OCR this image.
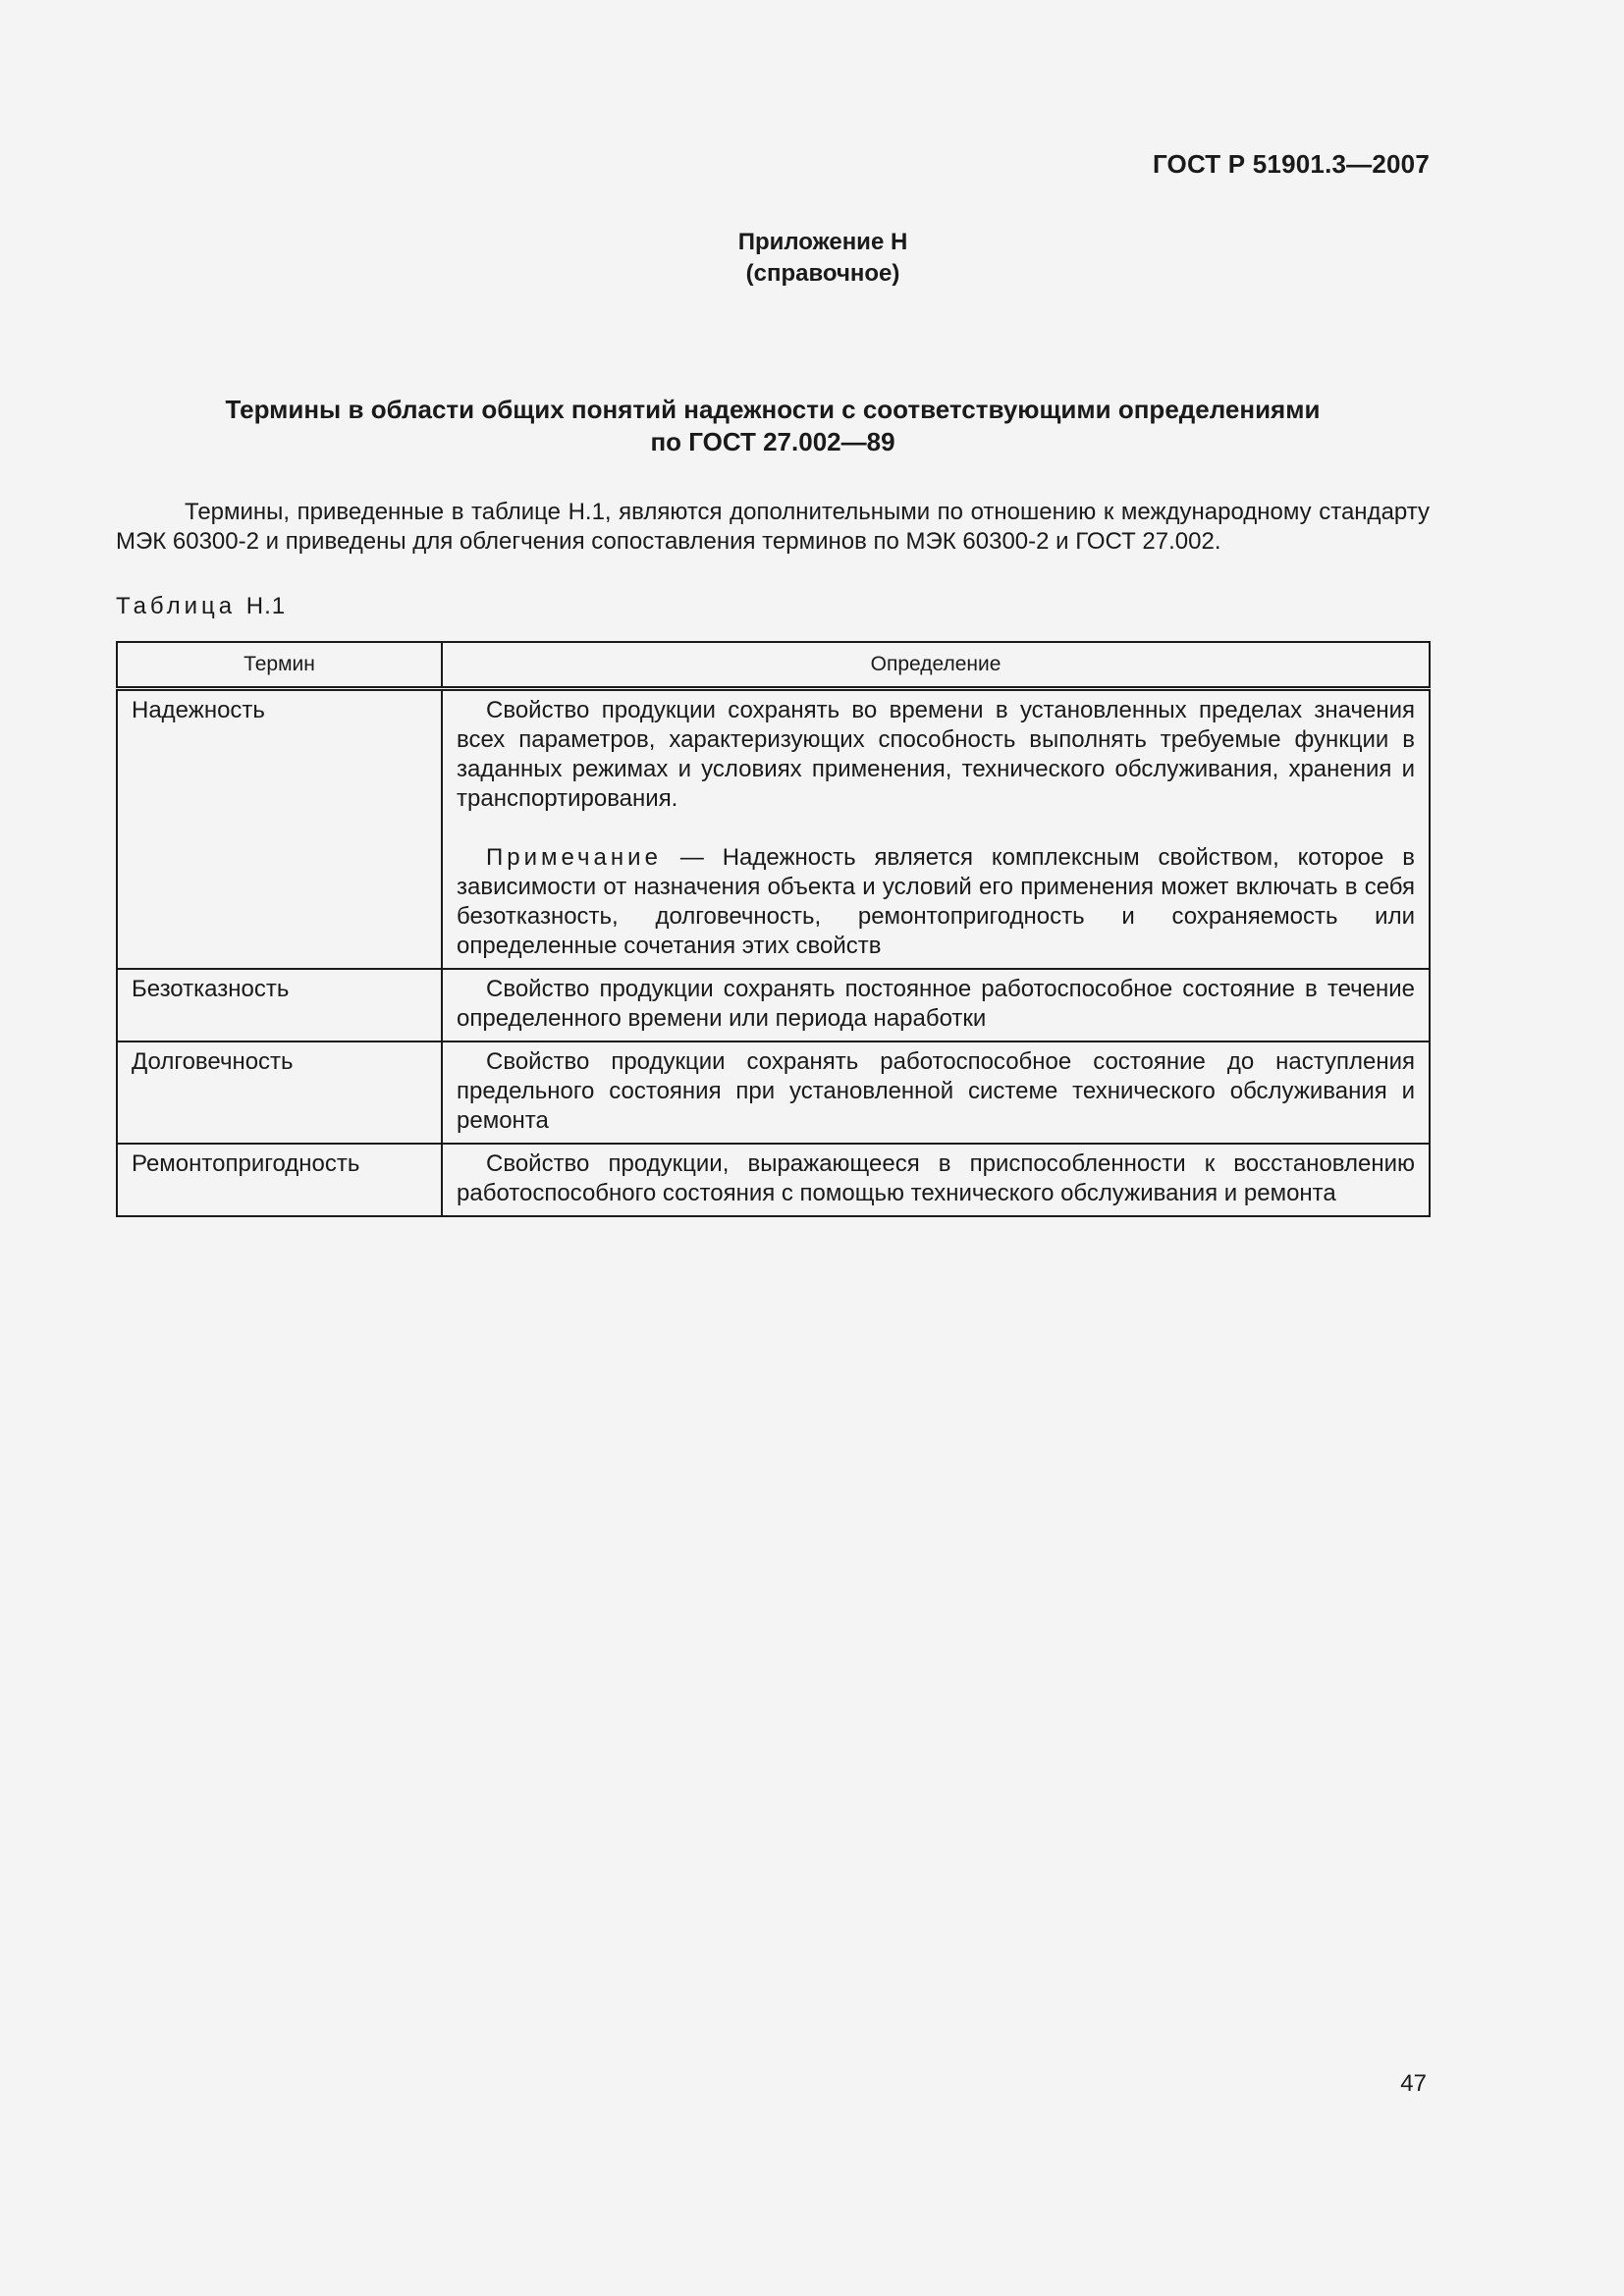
ГОСТ Р 51901.3—2007
Приложение Н
(справочное)
Термины в области общих понятий надежности с соответствующими определениями
по ГОСТ 27.002—89

Термины, приведенные в таблице Н.1, являются дополнительными по отношению к международному стандарту МЭК 60300-2 и приведены для облегчения сопоставления терминов по МЭК 60300-2 и ГОСТ 27.002.

Таблица Н.1
Термин	Определение
Надежность	Свойство продукции сохранять во времени в установленных пределах значения всех параметров, характеризующих способность выполнять требуемые функции в заданных режимах и условиях применения, технического обслуживания, хранения и транспортирования.

Примечание — Надежность является комплексным свойством, которое в зависимости от назначения объекта и условий его применения может включать в себя безотказность, долговечность, ремонтопригодность и сохраняемость или определенные сочетания этих свойств

Безотказность	Свойство продукции сохранять постоянное работоспособное состояние в течение определенного времени или периода наработки

Долговечность	Свойство продукции сохранять работоспособное состояние до наступления предельного состояния при установленной системе технического обслуживания и ремонта

Ремонтопригодность	Свойство продукции, выражающееся в приспособленности к восстановлению работоспособного состояния с помощью технического обслуживания и ремонта

47
